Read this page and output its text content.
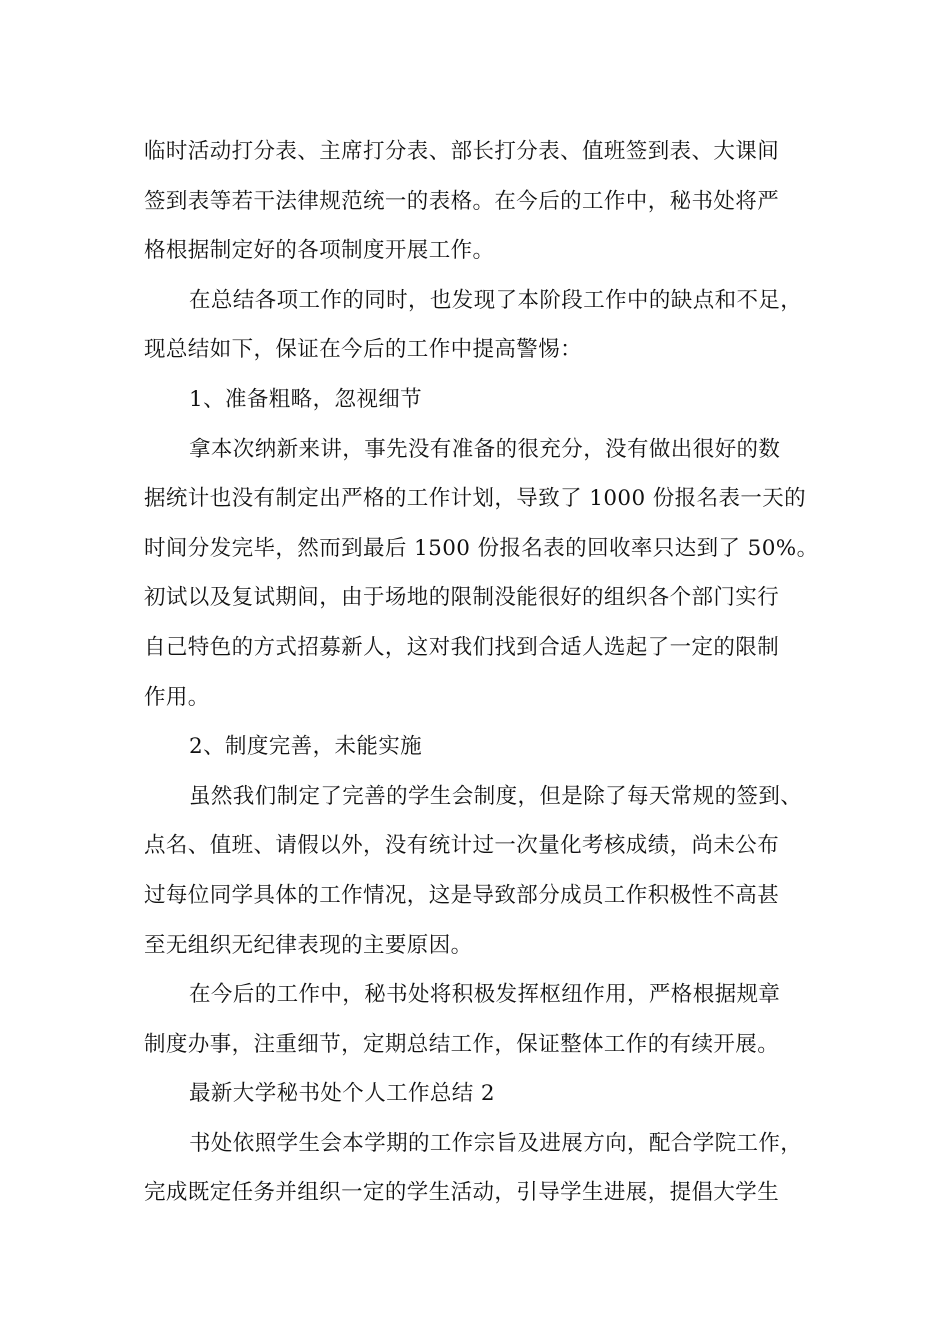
临时活动打分表、主席打分表、部长打分表、值班签到表、大课间
签到表等若干法律规范统一的表格。在今后的工作中，秘书处将严
格根据制定好的各项制度开展工作。
在总结各项工作的同时，也发现了本阶段工作中的缺点和不足，
现总结如下，保证在今后的工作中提高警惕：
1、准备粗略，忽视细节
拿本次纳新来讲，事先没有准备的很充分，没有做出很好的数
据统计也没有制定出严格的工作计划，导致了 1000 份报名表一天的
时间分发完毕，然而到最后 1500 份报名表的回收率只达到了 50%。
初试以及复试期间，由于场地的限制没能很好的组织各个部门实行
自己特色的方式招募新人，这对我们找到合适人选起了一定的限制
作用。
2、制度完善，未能实施
虽然我们制定了完善的学生会制度，但是除了每天常规的签到、
点名、值班、请假以外，没有统计过一次量化考核成绩，尚未公布
过每位同学具体的工作情况，这是导致部分成员工作积极性不高甚
至无组织无纪律表现的主要原因。
在今后的工作中，秘书处将积极发挥枢纽作用，严格根据规章
制度办事，注重细节，定期总结工作，保证整体工作的有续开展。
最新大学秘书处个人工作总结 2
书处依照学生会本学期的工作宗旨及进展方向，配合学院工作，
完成既定任务并组织一定的学生活动，引导学生进展，提倡大学生
